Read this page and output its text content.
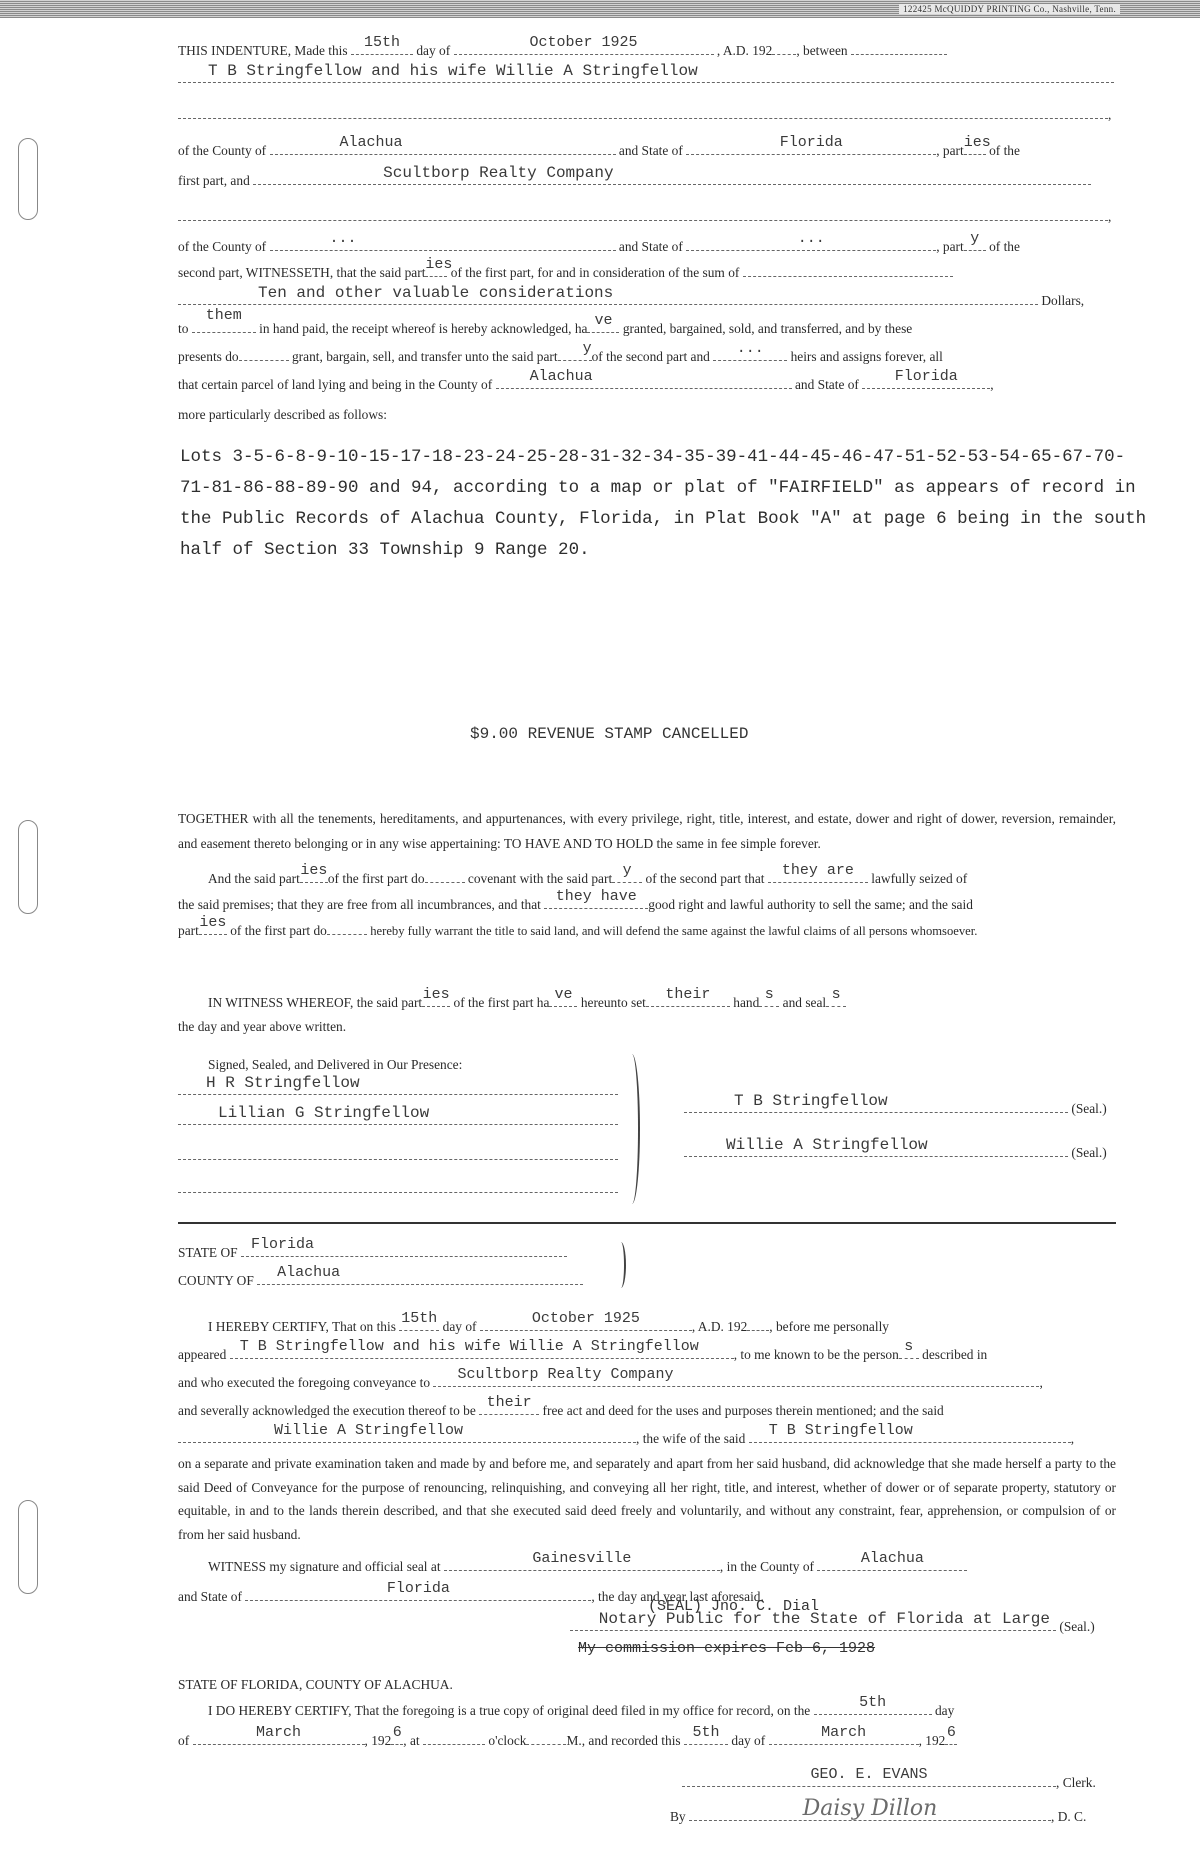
122425 McQUIDDY PRINTING Co., Nashville, Tenn.
THIS INDENTURE, Made this	15th	day of	October 1925	, A.D. 192 , between
T B Stringfellow and his wife Willie A Stringfellow
,
of the County of	Alachua	and State of	Florida	, part ies
of the
first part, and	Scultborp Realty Company
,
of the County of	...	and State of	...	, part y of the
second part, WITNESSETH, that the said part ies
of the first part, for and in consideration of the sum of
Ten and other valuable considerations	Dollars,
to
them
in hand paid, the receipt whereof is hereby acknowledged, ha ve granted, bargained, sold, and transferred, and by these
presents do	grant, bargain, sell, and transfer unto the said part	y of the second part and	...	heirs and assigns forever, all
that certain parcel of land lying and being in the County of	Alachua	and State of	Florida	,
more particularly described as follows:
Lots 3-5-6-8-9-10-15-17-18-23-24-25-28-31-32-34-35-39-41-44-45-46-47-51-52-53-54-65-67-70-
71-81-86-88-89-90 and 94, according to a map or plat of "FAIRFIELD" as appears of record in
the Public Records of Alachua County, Florida, in Plat Book "A" at page 6 being in the south
half of Section 33 Township 9 Range 20.
$9.00 REVENUE STAMP CANCELLED
TOGETHER with all the tenements, hereditaments, and appurtenances, with every privilege, right, title, interest, and estate, dower and right of dower, reversion, remainder, and easement thereto belonging or in any wise appertaining: TO HAVE AND TO HOLD the same in fee simple forever.
And the said part ies of the first part do	covenant with the said part y	of the second part that	they are	lawfully seized of
the said premises; that they are free from all incumbrances, and that they have good right and lawful authority to sell the same; and the said
part ies of the first part do	hereby fully warrant the title to said land, and will defend the same against the lawful claims of all persons whomsoever.
IN WITNESS WHEREOF, the said part ies of the first part ha ve hereunto set	their	hand s and seal s
the day and year above written.
Signed, Sealed, and Delivered in Our Presence:
H R Stringfellow
Lillian G Stringfellow
T B Stringfellow	(Seal.)
Willie A Stringfellow	(Seal.)
STATE OF Florida
COUNTY OF	Alachua
I HEREBY CERTIFY, That on this 15th day of	October 1925	, A.D. 192 , before me personally
appeared T B Stringfellow and his wife Willie A Stringfellow	, to me known to be the person s described in
and who executed the foregoing conveyance to	Scultborp Realty Company	,
and severally acknowledged the execution thereof to be their free act and deed for the uses and purposes therein mentioned; and the said
Willie A Stringfellow	, the wife of the said	T B Stringfellow	,
on a separate and private examination taken and made by and before me, and separately and apart from her said husband, did acknowledge that she made herself a party to the said Deed of Conveyance for the purpose of renouncing, relinquishing, and conveying all her right, title, and interest, whether of dower or of separate property, statutory or equitable, in and to the lands therein described, and that she executed said deed freely and voluntarily, and without any constraint, fear, apprehension, or compulsion of or from her said husband.
WITNESS my signature and official seal at	Gainesville	, in the County of	Alachua
and State of	Florida	, the day and year last aforesaid.
(SEAL) Jno. C. Dial
Notary Public for the State of Florida at Large (Seal.)
My commission expires Feb 6, 1928
STATE OF FLORIDA, COUNTY OF ALACHUA.
I DO HEREBY CERTIFY, That the foregoing is a true copy of original deed filed in my office for record, on the	5th	day
of	March	, 192 6 , at	o'clock	M., and recorded this 5th day of	March	, 192 6
GEO. E. EVANS	, Clerk.
By	Daisy Dillon	, D. C.
